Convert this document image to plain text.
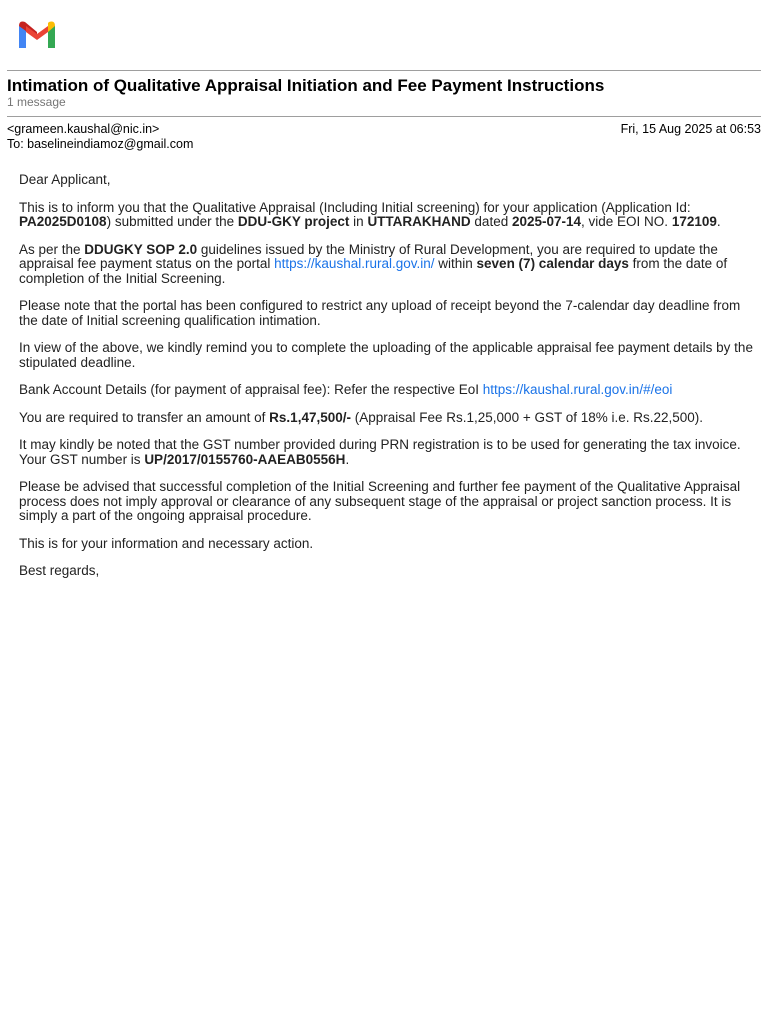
Intimation of Qualitative Appraisal Initiation and Fee Payment Instructions
1 message
<grameen.kaushal@nic.in>	Fri, 15 Aug 2025 at 06:53
To: baselineindiamoz@gmail.com

Dear Applicant,

This is to inform you that the Qualitative Appraisal (Including Initial screening) for your application (Application Id: PA2025D0108) submitted under the DDU-GKY project in UTTARAKHAND dated 2025-07-14, vide EOI NO. 172109.

As per the DDUGKY SOP 2.0 guidelines issued by the Ministry of Rural Development, you are required to update the appraisal fee payment status on the portal https://kaushal.rural.gov.in/ within seven (7) calendar days from the date of completion of the Initial Screening.

Please note that the portal has been configured to restrict any upload of receipt beyond the 7-calendar day deadline from the date of Initial screening qualification intimation.

In view of the above, we kindly remind you to complete the uploading of the applicable appraisal fee payment details by the stipulated deadline.

Bank Account Details (for payment of appraisal fee): Refer the respective EoI https://kaushal.rural.gov.in/#/eoi

You are required to transfer an amount of Rs.1,47,500/- (Appraisal Fee Rs.1,25,000 + GST of 18% i.e. Rs.22,500).

It may kindly be noted that the GST number provided during PRN registration is to be used for generating the tax invoice. Your GST number is UP/2017/0155760-AAEAB0556H.

Please be advised that successful completion of the Initial Screening and further fee payment of the Qualitative Appraisal process does not imply approval or clearance of any subsequent stage of the appraisal or project sanction process. It is simply a part of the ongoing appraisal procedure.

This is for your information and necessary action.

Best regards,
